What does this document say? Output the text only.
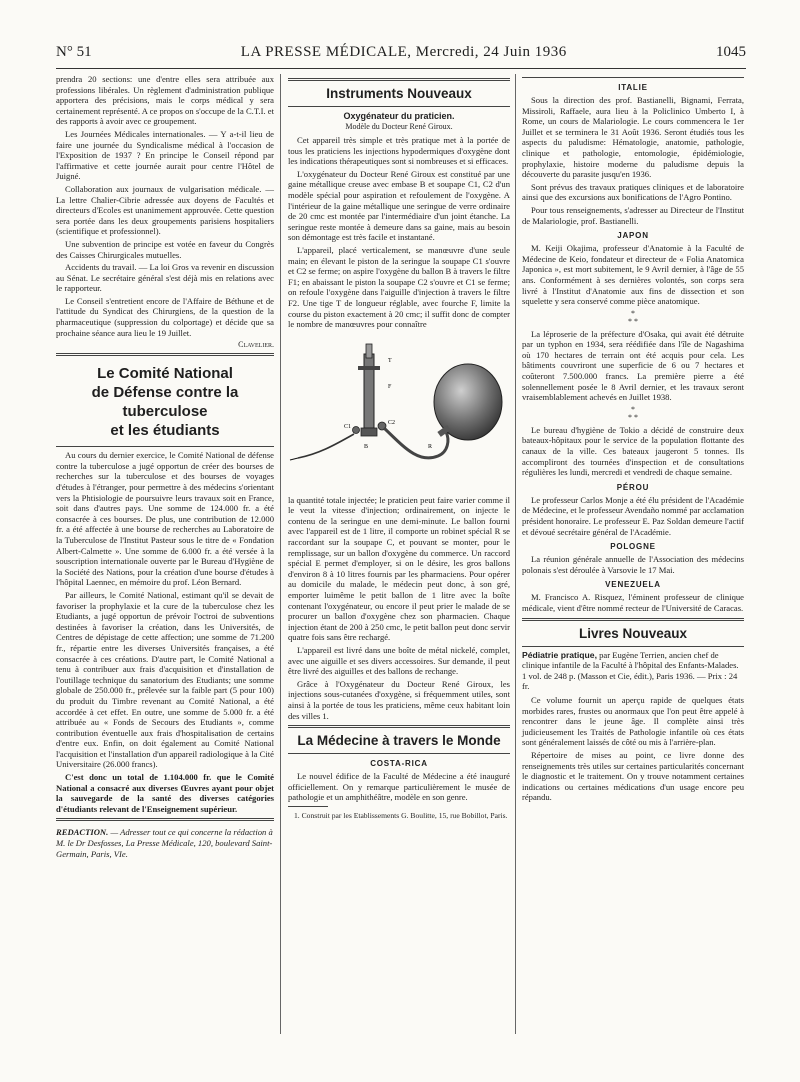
N° 51	LA PRESSE MÉDICALE, Mercredi, 24 Juin 1936	1045

prendra 20 sections: une d'entre elles sera attribuée aux professions libérales. Un règlement d'administration publique apportera des précisions, mais le corps médical y sera certainement représenté. A ce propos on s'occupe de la C.T.I. et des rapports à avoir avec ce groupement.

Les Journées Médicales internationales. — Y a-t-il lieu de faire une journée du Syndicalisme médical à l'occasion de l'Exposition de 1937 ? En principe le Conseil répond par l'affirmative et cette journée aurait pour centre l'Hôtel de Juigné.

Collaboration aux journaux de vulgarisation médicale. — La lettre Chalier-Cibrie adressée aux doyens de Facultés et directeurs d'Ecoles est unanimement approuvée. Cette question sera portée dans les deux groupements parisiens hospitaliers (scientifique et professionnel).

Une subvention de principe est votée en faveur du Congrès des Caisses Chirurgicales mutuelles.

Accidents du travail. — La loi Gros va revenir en discussion au Sénat. Le secrétaire général s'est déjà mis en relations avec le rapporteur.

Le Conseil s'entretient encore de l'Affaire de Béthune et de l'attitude du Syndicat des Chirurgiens, de la question de la pharmaceutique (suppression du colportage) et décide que sa prochaine séance aura lieu le 19 Juillet.

Clavelier.
Le Comité National
de Défense contre la tuberculose
et les étudiants

Au cours du dernier exercice, le Comité National de défense contre la tuberculose a jugé opportun de créer des bourses de recherches sur la tuberculose et des bourses de voyages d'études à l'étranger, pour permettre à des médecins s'orientant vers la Phtisiologie de poursuivre leurs travaux soit en France, soit dans d'autres pays. Une somme de 124.000 fr. a été consacrée à ces bourses. De plus, une contribution de 12.000 fr. a été affectée à une bourse de recherches au Laboratoire de la Tuberculose de l'Institut Pasteur sous le titre de « Fondation Albert-Calmette ». Une somme de 6.000 fr. a été versée à la souscription internationale ouverte par le Bureau d'Hygiène de la Société des Nations, pour la création d'une bourse d'études à l'hôpital Laennec, en mémoire du prof. Léon Bernard.

Par ailleurs, le Comité National, estimant qu'il se devait de favoriser la prophylaxie et la cure de la tuberculose chez les Etudiants, a jugé opportun de prévoir l'octroi de subventions destinées à favoriser la création, dans les Universités, de Centres de dépistage de cette affection; une somme de 71.200 fr., répartie entre les diverses Universités françaises, a été consacrée à ces créations. D'autre part, le Comité National a tenu à contribuer aux frais d'acquisition et d'installation de l'outillage technique du sanatorium des Etudiants; une somme globale de 250.000 fr., prélevée sur la faible part (5 pour 100) du produit du Timbre revenant au Comité National, a été accordée à cet effet. En outre, une somme de 5.000 fr. a été attribuée au « Fonds de Secours des Etudiants », comme contribution éventuelle aux frais d'hospitalisation de certains d'entre eux. Enfin, on doit également au Comité National l'acquisition et l'installation d'un appareil radiologique à la Cité Universitaire (26.000 francs).

C'est donc un total de 1.104.000 fr. que le Comité National a consacré aux diverses Œuvres ayant pour objet la sauvegarde de la santé des diverses catégories d'étudiants relevant de l'Enseignement supérieur.

REDACTION. — Adresser tout ce qui concerne la rédaction à M. le Dr Desfosses, La Presse Médicale, 120, boulevard Saint-Germain, Paris, VIe.
Instruments Nouveaux
Oxygénateur du praticien.
Modèle du Docteur René Giroux.

Cet appareil très simple et très pratique met à la portée de tous les praticiens les injections hypodermiques d'oxygène dont les indications thérapeutiques sont si nombreuses et si efficaces.

L'oxygénateur du Docteur René Giroux est constitué par une gaine métallique creuse avec embase B et soupape C1, C2 d'un modèle spécial pour aspiration et refoulement de l'oxygène. A l'intérieur de la gaine métallique une seringue de verre ordinaire de 20 cmc est montée par l'intermédiaire d'un joint étanche. La seringue reste montée à demeure dans sa gaine, mais au besoin son démontage est très facile et instantané.

L'appareil, placé verticalement, se manœuvre d'une seule main; en élevant le piston de la seringue la soupape C1 s'ouvre et C2 se ferme; on aspire l'oxygène du ballon B à travers le filtre F1; en abaissant le piston la soupape C2 s'ouvre et C1 se ferme; on refoule l'oxygène dans l'aiguille d'injection à travers le filtre F2. Une tige T de longueur réglable, avec fourche F, limite la course du piston exactement à 20 cmc; il suffit donc de compter le nombre de manœuvres pour connaître

T
F
C1
C2
B	R

la quantité totale injectée; le praticien peut faire varier comme il le veut la vitesse d'injection; ordinairement, on injecte le contenu de la seringue en une demi-minute. Le ballon fourni avec l'appareil est de 1 litre, il comporte un robinet spécial R se raccordant sur la soupape C, et pouvant se monter, pour le remplissage, sur un ballon d'oxygène du commerce. Un raccord spécial E permet d'employer, si on le désire, les gros ballons d'environ 8 à 10 litres fournis par les pharmaciens. Pour opérer au domicile du malade, le médecin peut donc, à son gré, emporter luimême le petit ballon de 1 litre avec la boîte contenant l'oxygénateur, ou encore il peut prier le malade de se procurer un ballon d'oxygène chez son pharmacien. Chaque injection étant de 200 à 250 cmc, le petit ballon peut donc servir quatre fois sans être rechargé.

L'appareil est livré dans une boîte de métal nickelé, complet, avec une aiguille et ses divers accessoires. Sur demande, il peut être livré des aiguilles et des ballons de rechange.

Grâce à l'Oxygénateur du Docteur René Giroux, les injections sous-cutanées d'oxygène, si fréquemment utiles, sont ainsi à la portée de tous les praticiens, même ceux habitant loin des villes 1.

La Médecine à travers le Monde
COSTA-RICA

Le nouvel édifice de la Faculté de Médecine a été inauguré officiellement. On y remarque particulièrement le musée de pathologie et un amphithéâtre, modèle en son genre.

1. Construit par les Etablissements G. Boulitte, 15, rue Bobillot, Paris.
ITALIE

Sous la direction des prof. Bastianelli, Bignami, Ferrata, Missiroli, Raffaele, aura lieu à la Policlinico Umberto I, à Rome, un cours de Malariologie. Le cours commencera le 1er Juillet et se terminera le 31 Août 1936. Seront étudiés tous les aspects du paludisme: Hématologie, anatomie, pathologie, clinique et pathologie, entomologie, épidémiologie, prophylaxie, histoire moderne du paludisme depuis la découverte du parasite jusqu'en 1936.

Sont prévus des travaux pratiques cliniques et de laboratoire ainsi que des excursions aux bonifications de l'Agro Pontino.

Pour tous renseignements, s'adresser au Directeur de l'Institut de Malariologie, prof. Bastianelli.

JAPON

M. Keiji Okajima, professeur d'Anatomie à la Faculté de Médecine de Keio, fondateur et directeur de « Folia Anatomica Japonica », est mort subitement, le 9 Avril dernier, à l'âge de 55 ans. Conformément à ses dernières volontés, son corps sera livré à l'Institut d'Anatomie aux fins de dissection et son squelette y sera conservé comme pièce anatomique.

*
* *

La léproserie de la préfecture d'Osaka, qui avait été détruite par un typhon en 1934, sera réédifiée dans l'île de Nagashima où 170 hectares de terrain ont été acquis pour cela. Les bâtiments couvriront une superficie de 6 ou 7 hectares et coûteront 7.500.000 francs. La première pierre a été solennellement posée le 8 Avril dernier, et les travaux seront vraisemblablement achevés en Juillet 1938.

*
* *

Le bureau d'hygiène de Tokio a décidé de construire deux bateaux-hôpitaux pour le service de la population flottante des canaux de la ville. Ces bateaux jaugeront 5 tonnes. Ils accompliront des tournées d'inspection et de consultations régulières les lundi, mercredi et vendredi de chaque semaine.

PÉROU

Le professeur Carlos Monje a été élu président de l'Académie de Médecine, et le professeur Avendaño nommé par acclamation président honoraire. Le professeur E. Paz Soldan demeure l'actif et dévoué secrétaire général de l'Académie.

POLOGNE

La réunion générale annuelle de l'Association des médecins polonais s'est déroulée à Varsovie le 17 Mai.

VENEZUELA

M. Francisco A. Risquez, l'éminent professeur de clinique médicale, vient d'être nommé recteur de l'Université de Caracas.

Livres Nouveaux
Pédiatrie pratique, par Eugène Terrien, ancien chef de clinique infantile de la Faculté à l'hôpital des Enfants-Malades. 1 vol. de 248 p. (Masson et Cie, édit.), Paris 1936. — Prix : 24 fr.

Ce volume fournit un aperçu rapide de quelques états morbides rares, frustes ou anormaux que l'on peut être appelé à rencontrer dans le jeune âge. Il complète ainsi très judicieusement les Traités de Pathologie infantile où ces états sont généralement laissés de côté ou mis à l'arrière-plan.

Répertoire de mises au point, ce livre donne des renseignements très utiles sur certaines particularités concernant le diagnostic et le traitement. On y trouve notamment certaines indications ou certaines médications d'un usage encore peu répandu.
